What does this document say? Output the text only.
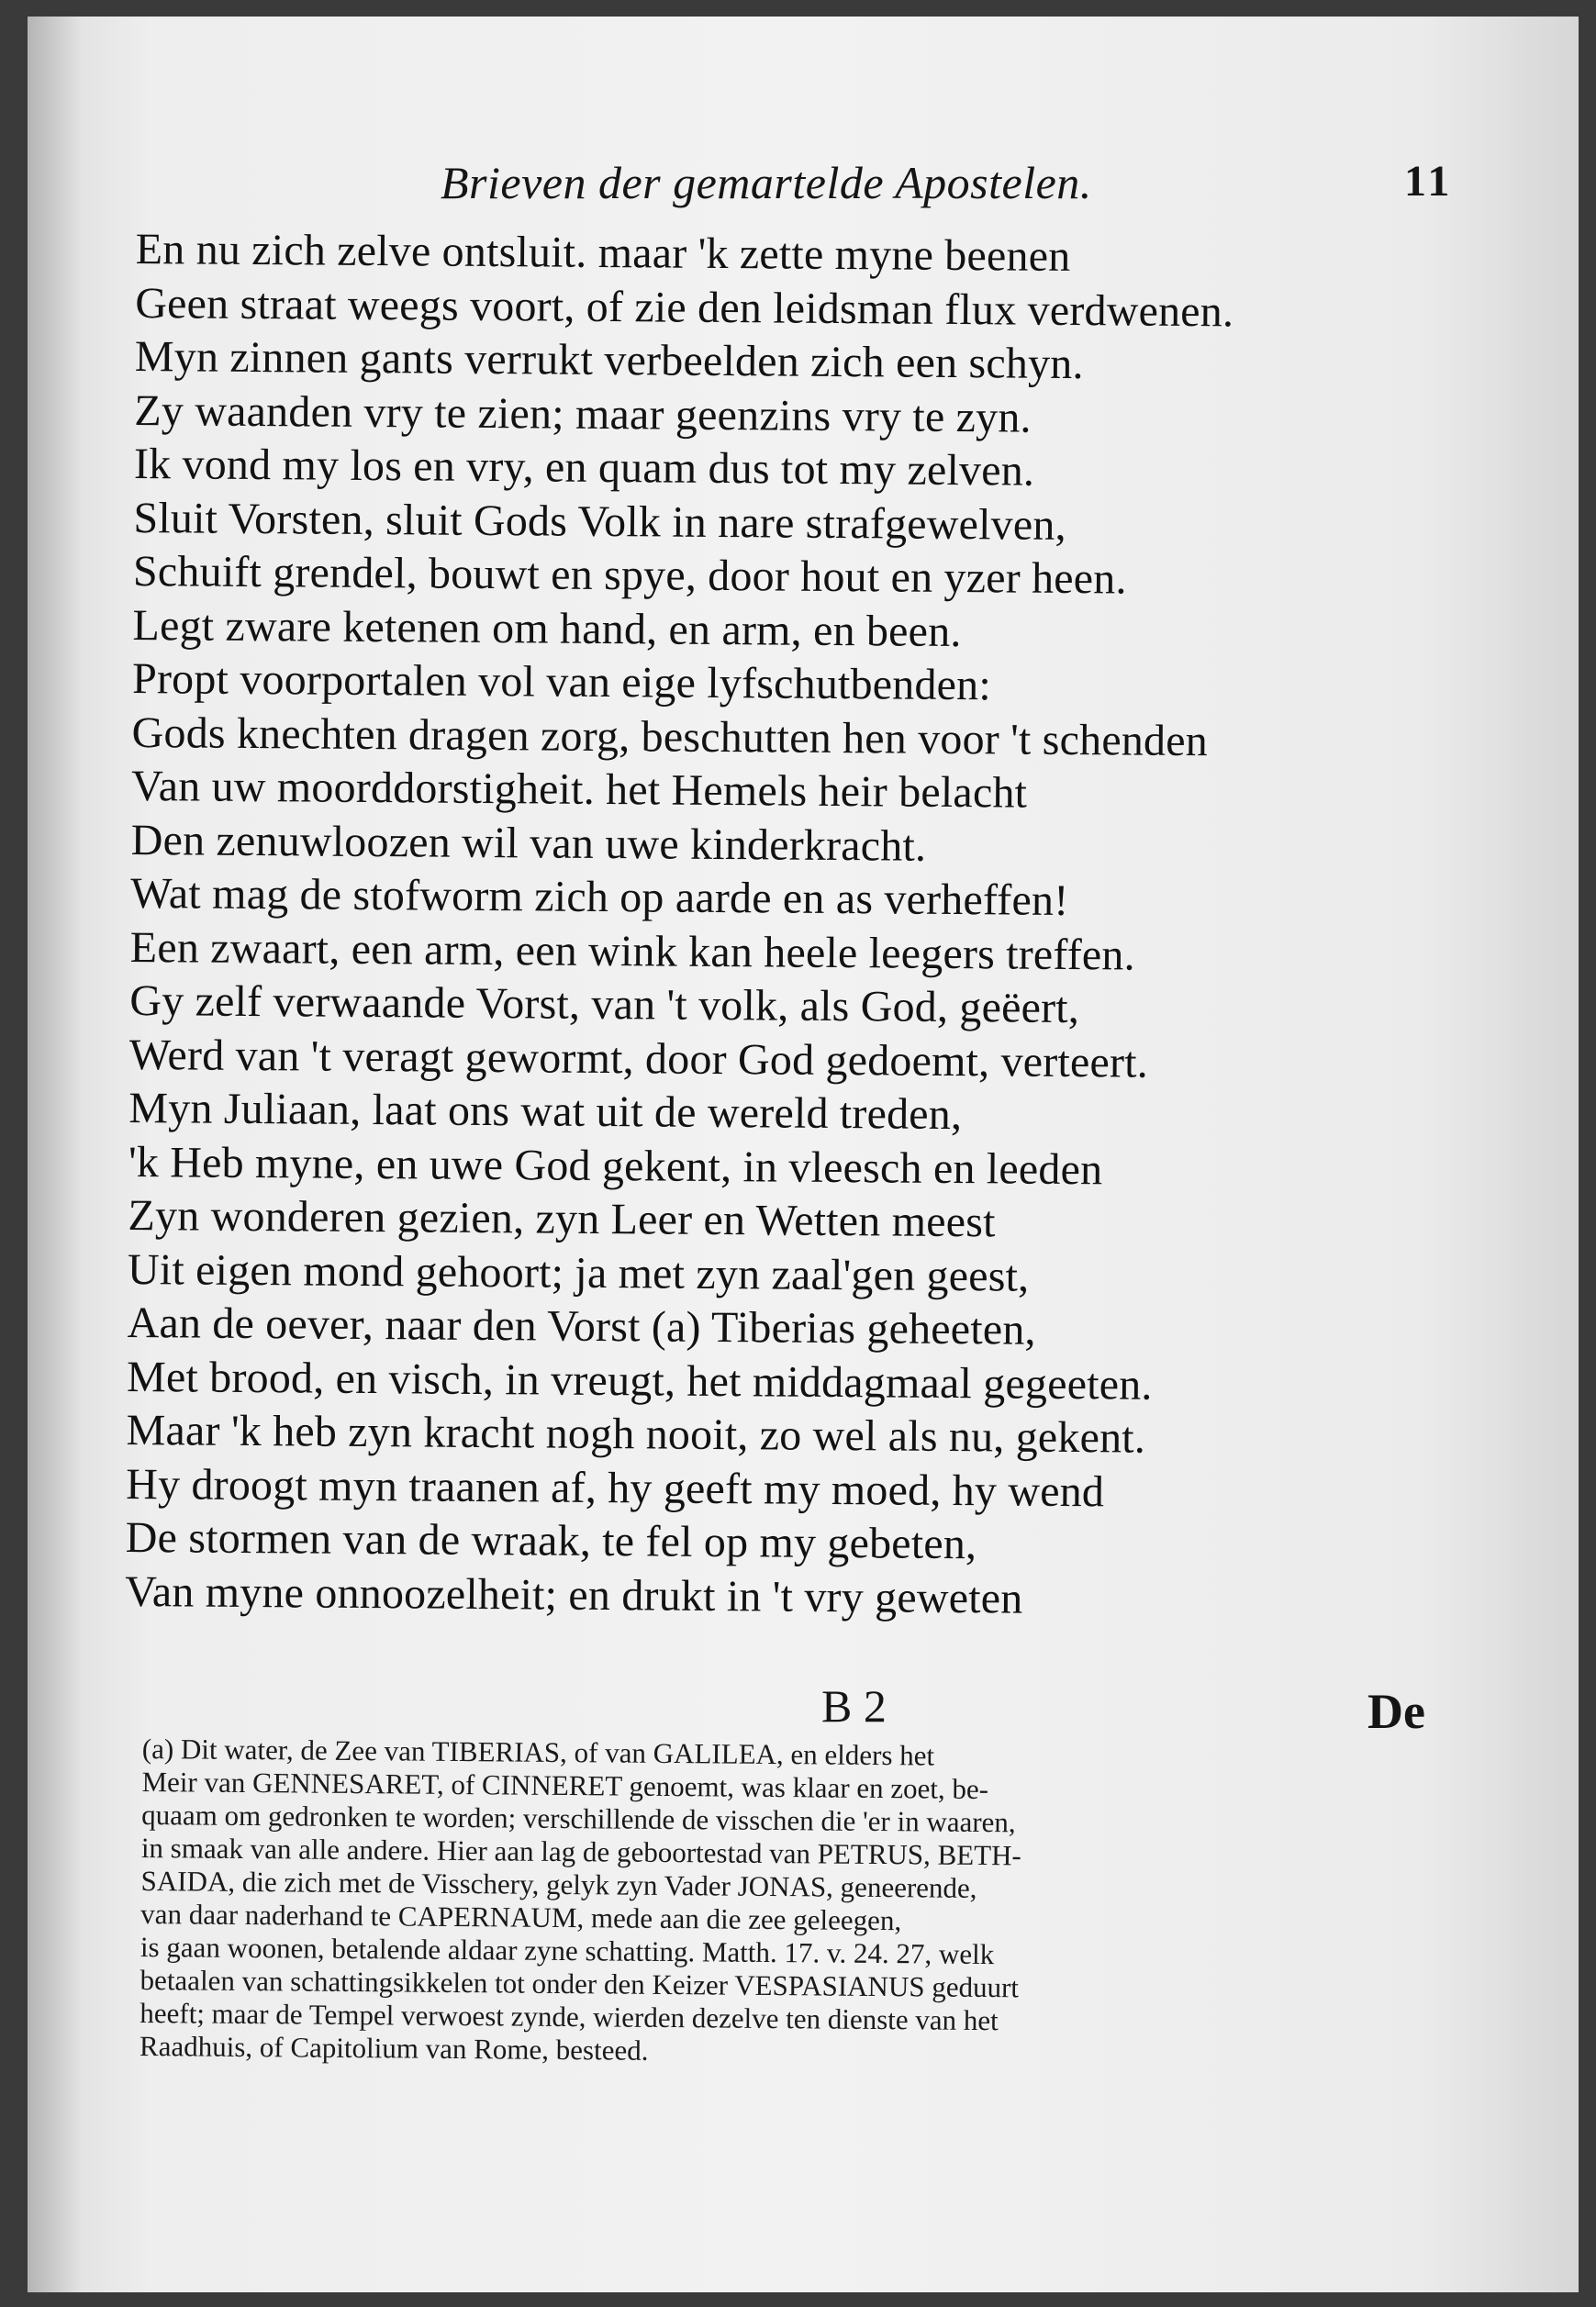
Brieven der gemartelde Apostelen.	11
En nu zich zelve ontsluit. maar 'k zette myne beenen
Geen straat weegs voort, of zie den leidsman flux verdwenen.
Myn zinnen gants verrukt verbeelden zich een schyn.
Zy waanden vry te zien; maar geenzins vry te zyn.
Ik vond my los en vry, en quam dus tot my zelven.
Sluit Vorsten, sluit Gods Volk in nare strafgewelven,
Schuift grendel, bouwt en spye, door hout en yzer heen.
Legt zware ketenen om hand, en arm, en been.
Propt voorportalen vol van eige lyfschutbenden:
Gods knechten dragen zorg, beschutten hen voor 't schenden
Van uw moorddorstigheit. het Hemels heir belacht
Den zenuwloozen wil van uwe kinderkracht.
Wat mag de stofworm zich op aarde en as verheffen!
Een zwaart, een arm, een wink kan heele leegers treffen.
Gy zelf verwaande Vorst, van 't volk, als God, geëert,
Werd van 't veragt gewormt, door God gedoemt, verteert.
Myn Juliaan, laat ons wat uit de wereld treden,
'k Heb myne, en uwe God gekent, in vleesch en leeden
Zyn wonderen gezien, zyn Leer en Wetten meest
Uit eigen mond gehoort; ja met zyn zaal'gen geest,
Aan de oever, naar den Vorst (a) Tiberias geheeten,
Met brood, en visch, in vreugt, het middagmaal gegeeten.
Maar 'k heb zyn kracht nogh nooit, zo wel als nu, gekent.
Hy droogt myn traanen af, hy geeft my moed, hy wend
De stormen van de wraak, te fel op my gebeten,
Van myne onnoozelheit; en drukt in 't vry geweten
B 2	De
(a) Dit water, de Zee van TIBERIAS, of van GALILEA, en elders het
Meir van GENNESARET, of CINNERET genoemt, was klaar en zoet, be-
quaam om gedronken te worden; verschillende de visschen die 'er in waaren,
in smaak van alle andere. Hier aan lag de geboortestad van PETRUS, BETH-
SAIDA, die zich met de Visschery, gelyk zyn Vader JONAS, geneerende,
van daar naderhand te CAPERNAUM, mede aan die zee geleegen,
is gaan woonen, betalende aldaar zyne schatting. Matth. 17. v. 24. 27, welk
betaalen van schattingsikkelen tot onder den Keizer VESPASIANUS geduurt
heeft; maar de Tempel verwoest zynde, wierden dezelve ten dienste van het
Raadhuis, of Capitolium van Rome, besteed.
